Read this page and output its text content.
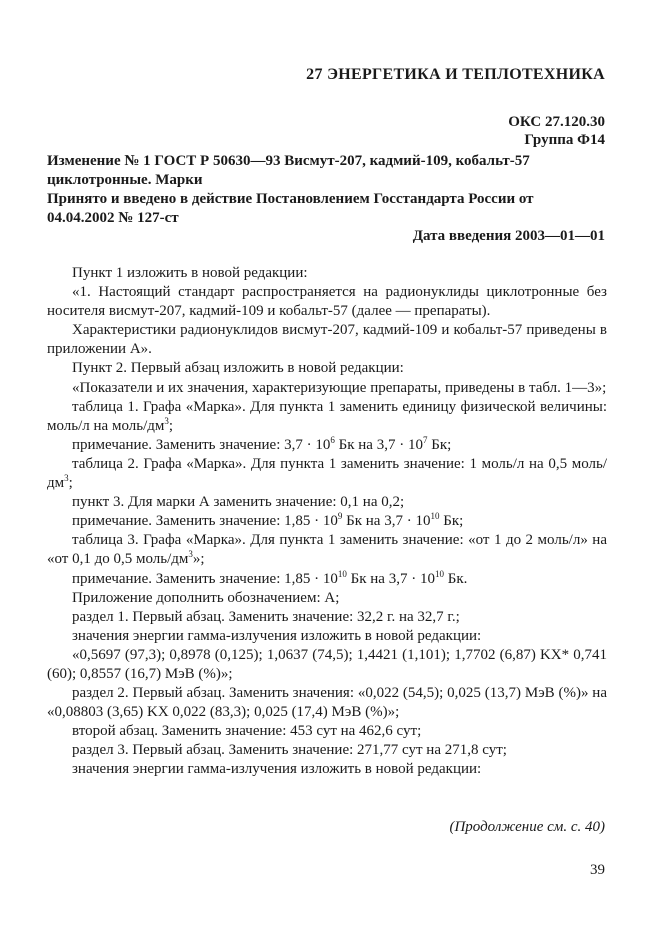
27 ЭНЕРГЕТИКА И ТЕПЛОТЕХНИКА
ОКС 27.120.30
Группа Ф14
Изменение № 1 ГОСТ Р 50630—93 Висмут-207, кадмий-109, кобальт-57
циклотронные. Марки
Принято и введено в действие Постановлением Госстандарта России от
04.04.2002 № 127-ст
Дата введения 2003—01—01

Пункт 1 изложить в новой редакции:

«1. Настоящий стандарт распространяется на радионуклиды циклотронные без носителя висмут-207, кадмий-109 и кобальт-57 (далее — препараты).

Характеристики радионуклидов висмут-207, кадмий-109 и кобальт-57 приведены в приложении А».

Пункт 2. Первый абзац изложить в новой редакции:

«Показатели и их значения, характеризующие препараты, приведены в табл. 1—3»;

таблица 1. Графа «Марка». Для пункта 1 заменить единицу физической величины: моль/л на моль/$дм^3$;

примечание. Заменить значение: $3,7 \cdot 10^6$ Бк на $3,7 \cdot 10^7$ Бк;

таблица 2. Графа «Марка». Для пункта 1 заменить значение: 1 моль/л на 0,5 моль/$дм^3$;

пункт 3. Для марки А заменить значение: 0,1 на 0,2;

примечание. Заменить значение: $1,85 \cdot 10^9$ Бк на $3,7 \cdot 10^{10}$ Бк;

таблица 3. Графа «Марка». Для пункта 1 заменить значение: «от 1 до 2 моль/л» на «от 0,1 до 0,5 моль/$дм^3$»;

примечание. Заменить значение: $1,85 \cdot 10^{10}$ Бк на $3,7 \cdot 10^{10}$ Бк.

Приложение дополнить обозначением: А;

раздел 1. Первый абзац. Заменить значение: 32,2 г. на 32,7 г.;

значения энергии гамма-излучения изложить в новой редакции:

«0,5697 (97,3); 0,8978 (0,125); 1,0637 (74,5); 1,4421 (1,101); 1,7702 (6,87) KX* 0,741 (60); 0,8557 (16,7) МэВ (%)»;

раздел 2. Первый абзац. Заменить значения: «0,022 (54,5); 0,025 (13,7) МэВ (%)» на «0,08803 (3,65) KX 0,022 (83,3); 0,025 (17,4) МэВ (%)»;

второй абзац. Заменить значение: 453 сут на 462,6 сут;

раздел 3. Первый абзац. Заменить значение: 271,77 сут на 271,8 сут;

значения энергии гамма-излучения изложить в новой редакции:

(Продолжение см. с. 40)
39
